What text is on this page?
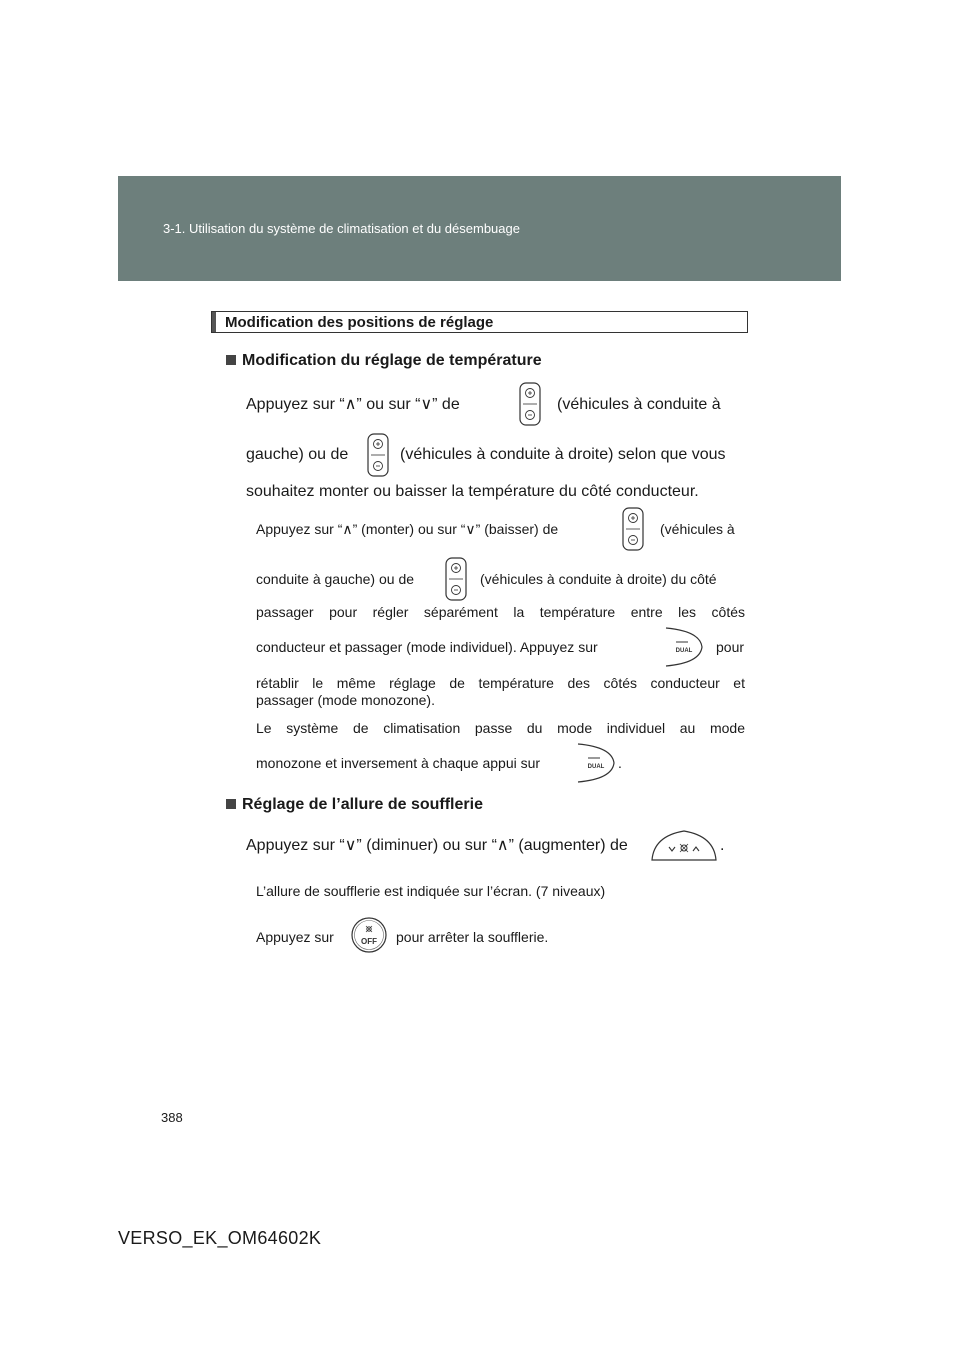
3-1. Utilisation du système de climatisation et du désembuage
Modification des positions de réglage
Modification du réglage de température
Appuyez sur “∧” ou sur “∨” de	(véhicules à conduite à
gauche) ou de	(véhicules à conduite à droite) selon que vous
souhaitez monter ou baisser la température du côté conducteur.
Appuyez sur “∧” (monter) ou sur “∨” (baisser) de	(véhicules à
conduite à gauche) ou de	(véhicules à conduite à droite) du côté
passager pour régler séparément la température entre les côtés
conducteur et passager (mode individuel). Appuyez sur	DUAL pour
rétablir le même réglage de température des côtés conducteur et
passager (mode monozone).
Le système de climatisation passe du mode individuel au mode
monozone et inversement à chaque appui sur	DUAL .
Réglage de l’allure de soufflerie
Appuyez sur “∨” (diminuer) ou sur “∧” (augmenter) de	.
L’allure de soufflerie est indiquée sur l’écran. (7 niveaux)
Appuyez sur	OFF pour arrêter la soufflerie.
388
VERSO_EK_OM64602K
